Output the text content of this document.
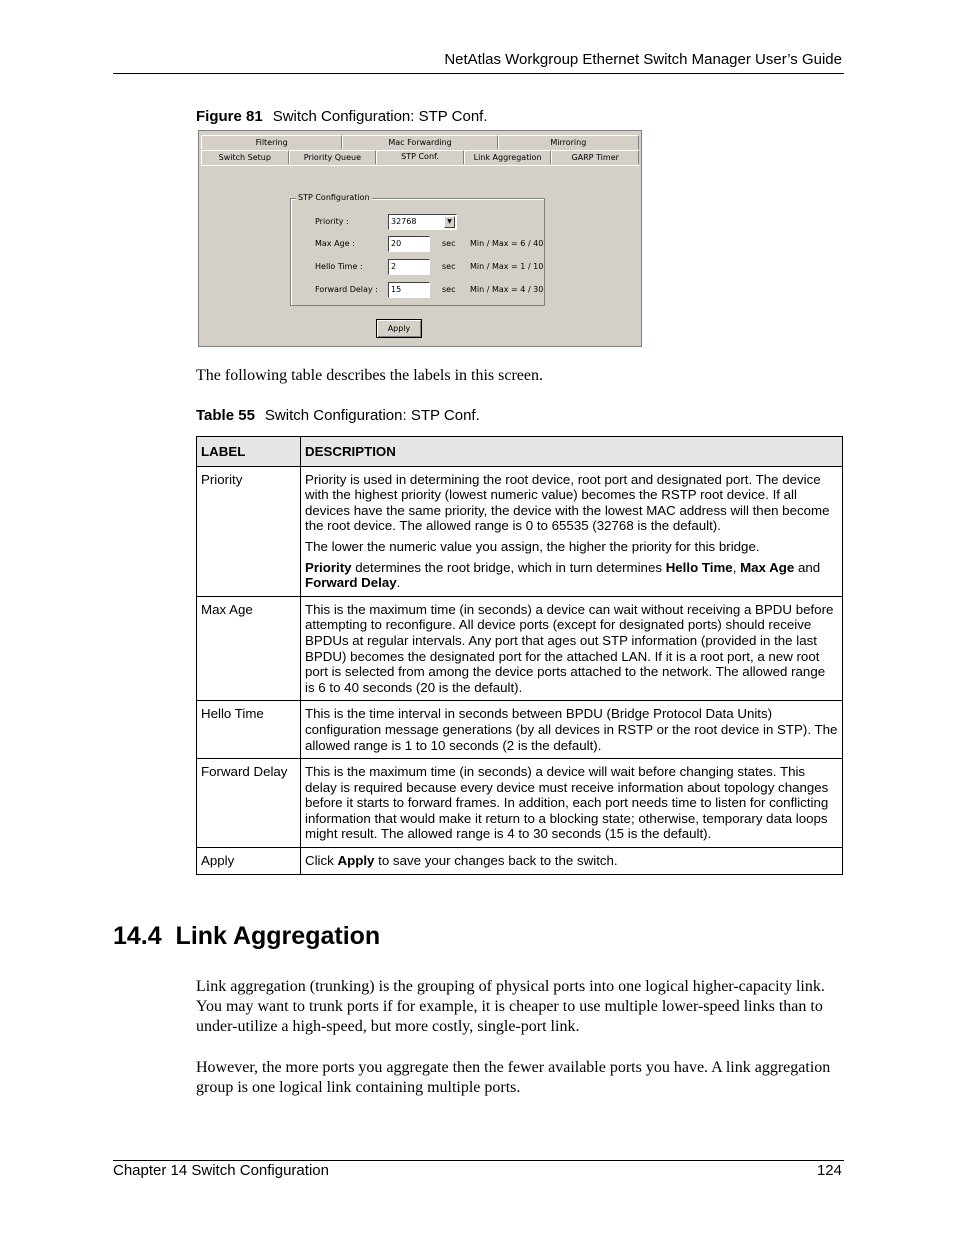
NetAtlas Workgroup Ethernet Switch Manager User’s Guide
Figure 81 Switch Configuration: STP Conf.
Filtering	Mac Forwarding	Mirroring
Switch Setup	Priority Queue	STP Conf.	Link Aggregation	GARP Timer
STP Configuration
Priority :	32768	▼
Max Age :	20	sec Min / Max = 6 / 40
Hello Time :	2	sec Min / Max = 1 / 10
Forward Delay :	15	sec Min / Max = 4 / 30
Apply
The following table describes the labels in this screen.
Table 55 Switch Configuration: STP Conf.
LABEL	DESCRIPTION
Priority	Priority is used in determining the root device, root port and designated port. The device with the highest priority (lowest numeric value) becomes the RSTP root device. If all devices have the same priority, the device with the lowest MAC address will then become the root device. The allowed range is 0 to 65535 (32768 is the default).

The lower the numeric value you assign, the higher the priority for this bridge.

Priority determines the root bridge, which in turn determines Hello Time, Max Age and Forward Delay.

Max Age	This is the maximum time (in seconds) a device can wait without receiving a BPDU before attempting to reconfigure. All device ports (except for designated ports) should receive BPDUs at regular intervals. Any port that ages out STP information (provided in the last BPDU) becomes the designated port for the attached LAN. If it is a root port, a new root port is selected from among the device ports attached to the network. The allowed range is 6 to 40 seconds (20 is the default).
Hello Time	This is the time interval in seconds between BPDU (Bridge Protocol Data Units) configuration message generations (by all devices in RSTP or the root device in STP). The allowed range is 1 to 10 seconds (2 is the default).
Forward Delay	This is the maximum time (in seconds) a device will wait before changing states. This delay is required because every device must receive information about topology changes before it starts to forward frames. In addition, each port needs time to listen for conflicting information that would make it return to a blocking state; otherwise, temporary data loops might result. The allowed range is 4 to 30 seconds (15 is the default).
Apply	Click Apply to save your changes back to the switch.
14.4  Link Aggregation
Link aggregation (trunking) is the grouping of physical ports into one logical higher-capacity link. You may want to trunk ports if for example, it is cheaper to use multiple lower-speed links than to under-utilize a high-speed, but more costly, single-port link.
However, the more ports you aggregate then the fewer available ports you have. A link aggregation group is one logical link containing multiple ports.
Chapter 14 Switch Configuration	124
